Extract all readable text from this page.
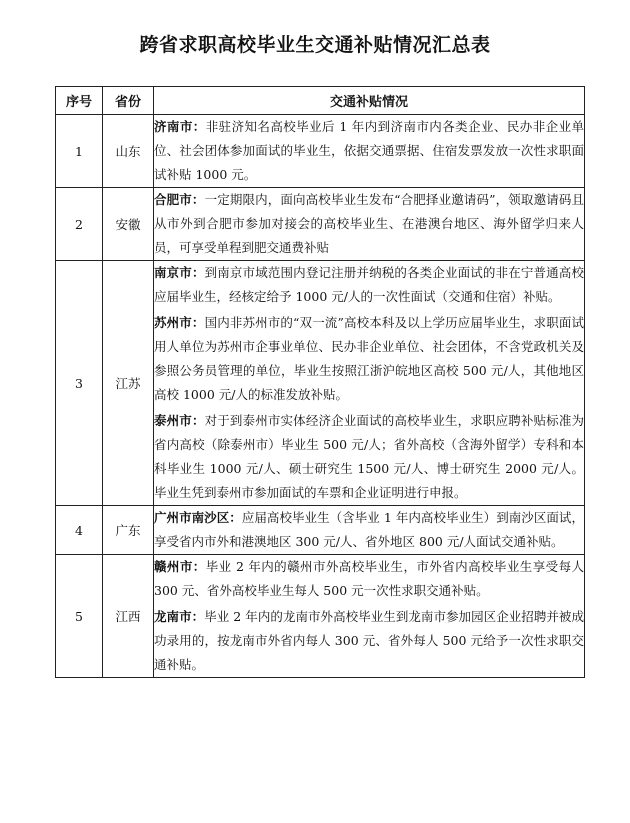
跨省求职高校毕业生交通补贴情况汇总表
序号	省份	交通补贴情况
1	山东	济南市：非驻济知名高校毕业后 1 年内到济南市内各类企业、民办非企业单位、社会团体参加面试的毕业生，依据交通票据、住宿发票发放一次性求职面试补贴 1000 元。

2	安徽	合肥市：一定期限内，面向高校毕业生发布“合肥择业邀请码”，领取邀请码且从市外到合肥市参加对接会的高校毕业生、在港澳台地区、海外留学归来人员，可享受单程到肥交通费补贴

3	江苏	南京市：到南京市域范围内登记注册并纳税的各类企业面试的非在宁普通高校应届毕业生，经核定给予 1000 元/人的一次性面试（交通和住宿）补贴。
苏州市：国内非苏州市的“双一流”高校本科及以上学历应届毕业生，求职面试用人单位为苏州市企事业单位、民办非企业单位、社会团体，不含党政机关及参照公务员管理的单位，毕业生按照江浙沪皖地区高校 500 元/人，其他地区高校 1000 元/人的标准发放补贴。
泰州市：对于到泰州市实体经济企业面试的高校毕业生，求职应聘补贴标准为省内高校（除泰州市）毕业生 500 元/人；省外高校（含海外留学）专科和本科毕业生 1000 元/人、硕士研究生 1500 元/人、博士研究生 2000 元/人。毕业生凭到泰州市参加面试的车票和企业证明进行申报。

4	广东	广州市南沙区：应届高校毕业生（含毕业 1 年内高校毕业生）到南沙区面试，享受省内市外和港澳地区 300 元/人、省外地区 800 元/人面试交通补贴。

5	江西	赣州市：毕业 2 年内的赣州市外高校毕业生，市外省内高校毕业生享受每人 300 元、省外高校毕业生每人 500 元一次性求职交通补贴。
龙南市：毕业 2 年内的龙南市外高校毕业生到龙南市参加园区企业招聘并被成功录用的，按龙南市外省内每人 300 元、省外每人 500 元给予一次性求职交通补贴。
